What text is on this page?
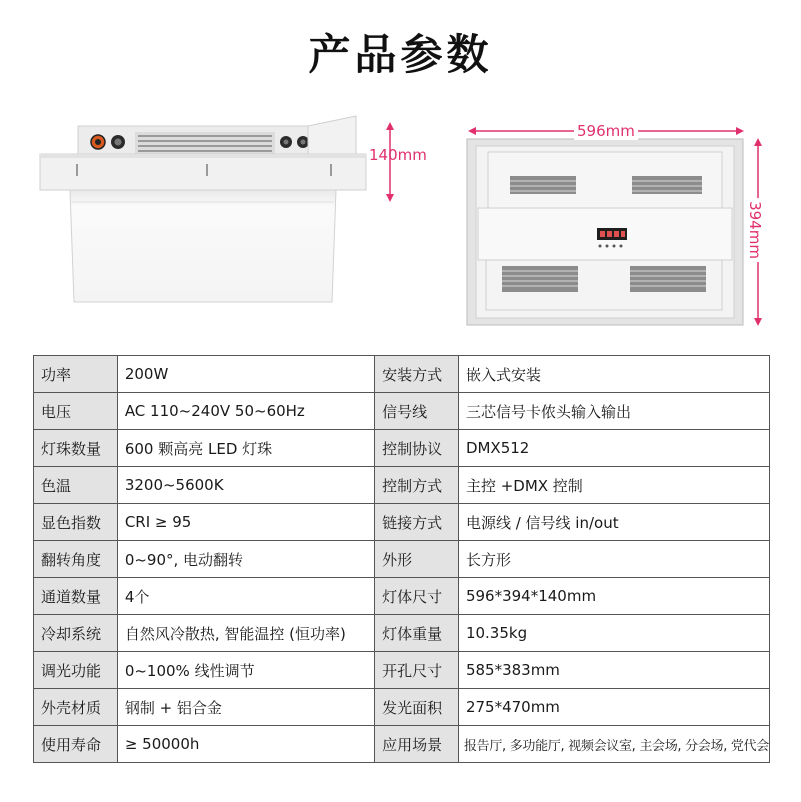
产品参数
140mm
596mm
394mm
功率	200W	安装方式	嵌入式安装
电压	AC 110~240V 50~60Hz	信号线	三芯信号卡侬头输入输出
灯珠数量	600 颗高亮 LED 灯珠	控制协议	DMX512
色温	3200~5600K	控制方式	主控 +DMX 控制
显色指数	CRI ≥ 95	链接方式	电源线 / 信号线 in/out
翻转角度	0~90°, 电动翻转	外形	长方形
通道数量	4个	灯体尺寸	596*394*140mm
冷却系统	自然风冷散热, 智能温控 (恒功率)	灯体重量	10.35kg
调光功能	0~100% 线性调节	开孔尺寸	585*383mm
外壳材质	钢制 + 铝合金	发光面积	275*470mm
使用寿命	≥ 50000h	应用场景	报告厅, 多功能厅, 视频会议室, 主会场, 分会场, 党代会
